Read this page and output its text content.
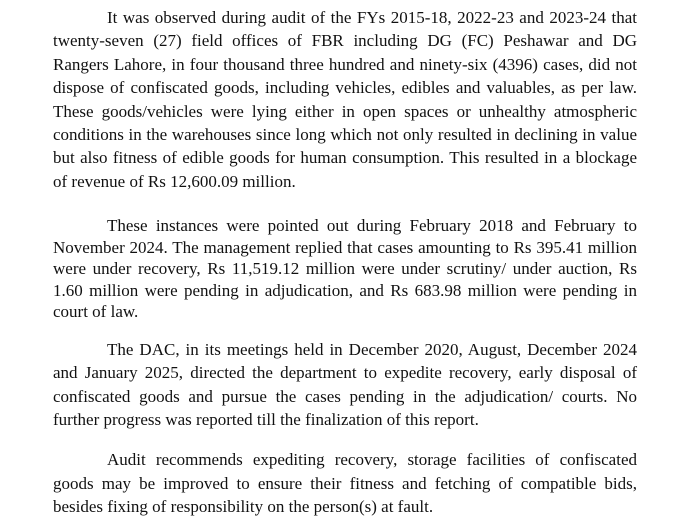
It was observed during audit of the FYs 2015-18, 2022-23 and 2023-24 that twenty-seven (27) field offices of FBR including DG (FC) Peshawar and DG Rangers Lahore, in four thousand three hundred and ninety-six (4396) cases, did not dispose of confiscated goods, including vehicles, edibles and valuables, as per law. These goods/vehicles were lying either in open spaces or unhealthy atmospheric conditions in the warehouses since long which not only resulted in declining in value but also fitness of edible goods for human consumption. This resulted in a blockage of revenue of Rs 12,600.09 million.

These instances were pointed out during February 2018 and February to November 2024. The management replied that cases amounting to Rs 395.41 million were under recovery, Rs 11,519.12 million were under scrutiny/ under auction, Rs 1.60 million were pending in adjudication, and Rs 683.98 million were pending in court of law.

The DAC, in its meetings held in December 2020, August, December 2024 and January 2025, directed the department to expedite recovery, early disposal of confiscated goods and pursue the cases pending in the adjudication/ courts. No further progress was reported till the finalization of this report.

Audit recommends expediting recovery, storage facilities of confiscated goods may be improved to ensure their fitness and fetching of compatible bids, besides fixing of responsibility on the person(s) at fault.
